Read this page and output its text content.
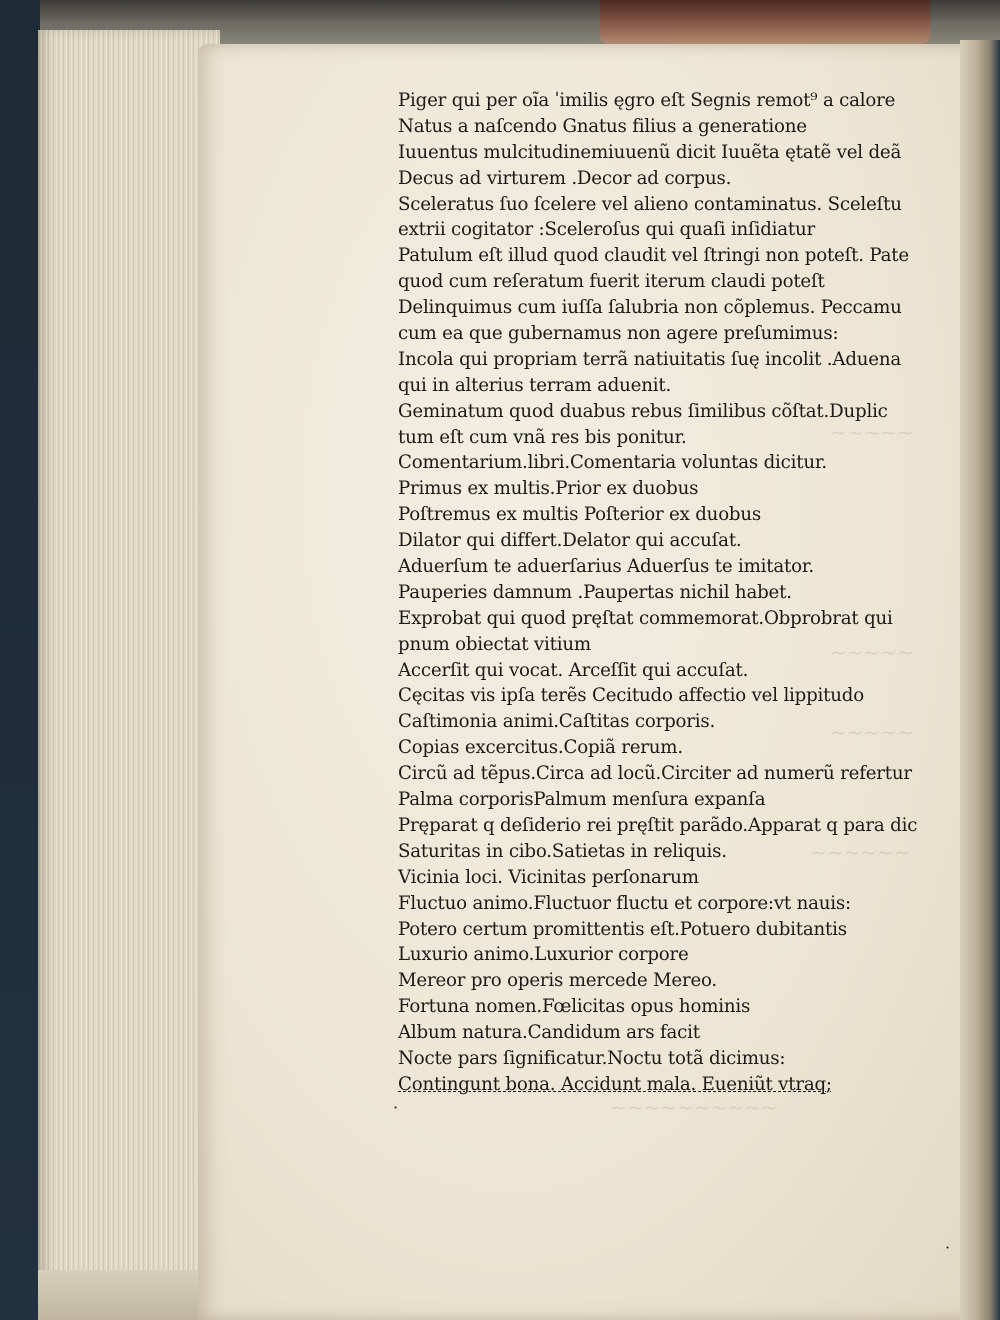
~~~~~
~~~~~
~~~~~
~~~~~~
~~~~~~~~~~
Piger qui per oĩa ˈimilis ęgro eſt Segnis remot⁹ a calore
Natus a naſcendo Gnatus filius a generatione
Iuuentus mulcitudinemiuuenũ dicit Iuuẽta ętatẽ vel deã
Decus ad virturem .Decor ad corpus.
Sceleratus ſuo ſcelere vel alieno contaminatus. Sceleſtu
extrii cogitator :Sceleroſus qui quaſi inſidiatur
Patulum eſt illud quod claudit vel ſtringi non poteſt. Pate
quod cum reſeratum fuerit iterum claudi poteſt
Delinquimus cum iuſſa ſalubria non cõplemus. Peccamu
cum ea que gubernamus non agere preſumimus:
Incola qui propriam terrã natiuitatis ſuę incolit .Aduena
qui in alterius terram aduenit.
Geminatum quod duabus rebus ſimilibus cõſtat.Duplic
tum eſt cum vnã res bis ponitur.
Comentarium.libri.Comentaria voluntas dicitur.
Primus ex multis.Prior ex duobus
Poſtremus ex multis Poſterior ex duobus
Dilator qui differt.Delator qui accuſat.
Aduerſum te aduerſarius Aduerſus te imitator.
Pauperies damnum .Paupertas nichil habet.
Exprobat qui quod pręſtat commemorat.Obprobrat qui
pnum obiectat vitium
Accerſit qui vocat. Arceſſit qui accuſat.
Cęcitas vis ipſa terẽs Cecitudo affectio vel lippitudo
Caſtimonia animi.Caſtitas corporis.
Copias excercitus.Copiã rerum.
Circũ ad tẽpus.Circa ad locũ.Circiter ad numerũ refertur
Palma corporisPalmum menſura expanſa
Pręparat q deſiderio rei pręſtit parãdo.Apparat q para dic
Saturitas in cibo.Satietas in reliquis.
Vicinia loci. Vicinitas perſonarum
Fluctuo animo.Fluctuor fluctu et corpore:vt nauis:
Potero certum promittentis eſt.Potuero dubitantis
Luxurio animo.Luxurior corpore
Mereor pro operis mercede Mereo.
Fortuna nomen.Fœlicitas opus hominis
Album natura.Candidum ars facit
Nocte pars ſignificatur.Noctu totã dicimus:
Contingunt bona. Accidunt mala. Eueniũt vtraq;
·
·
